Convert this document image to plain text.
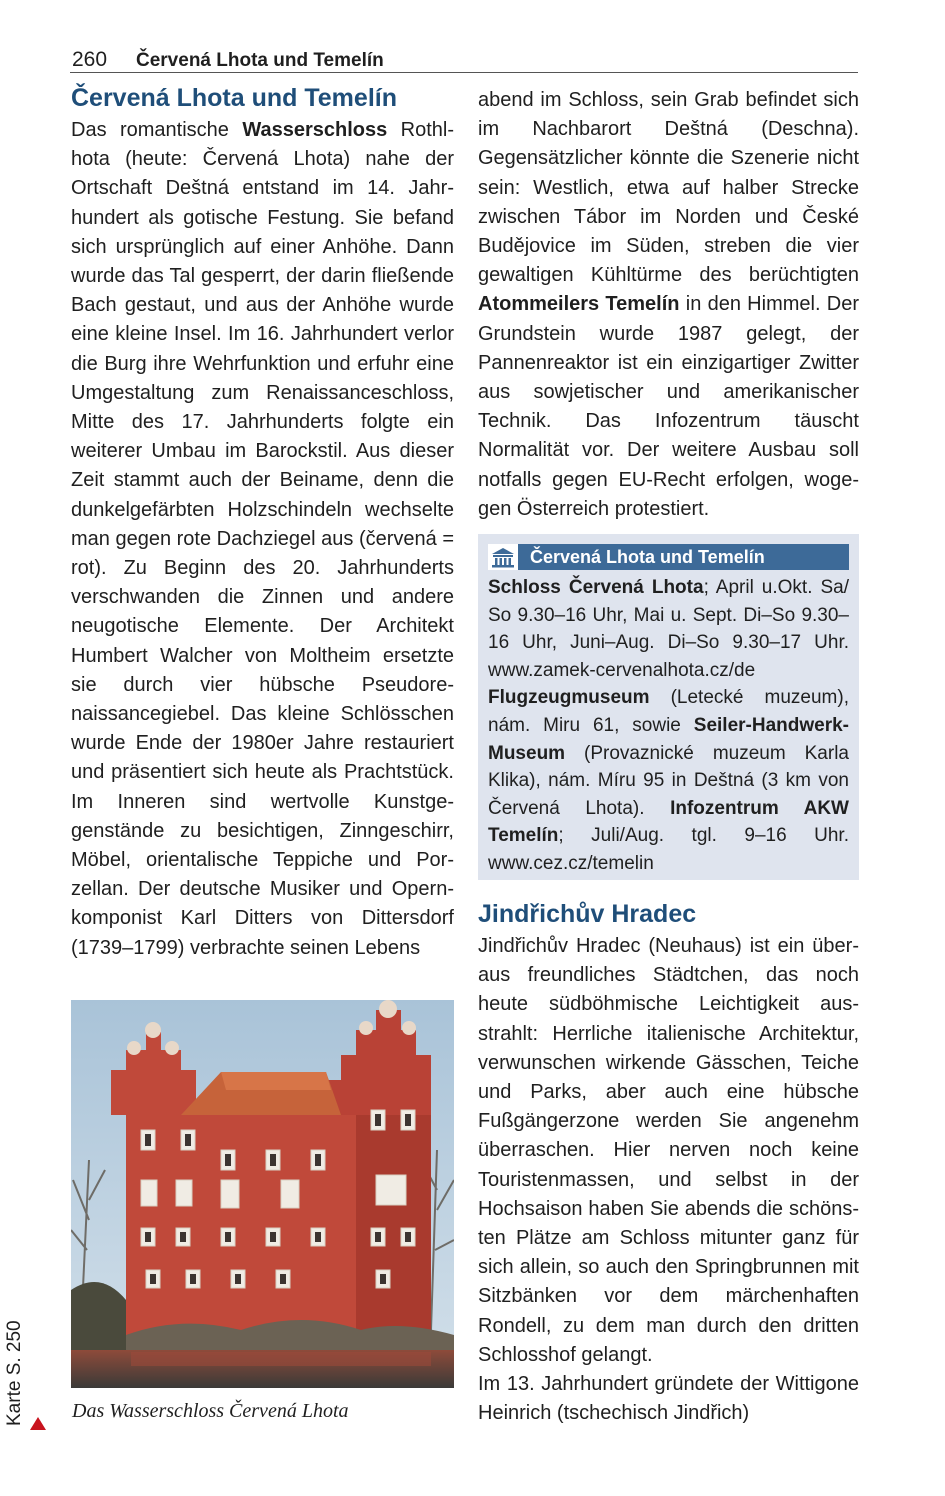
260 Červená Lhota und Temelín
Červená Lhota und Temelín

Das romantische Wasserschloss Rothlhota (heute: Červená Lhota) nahe der Ortschaft Deštná entstand im 14. Jahrhundert als gotische Festung. Sie befand sich ursprünglich auf einer Anhöhe. Dann wurde das Tal gesperrt, der darin fließende Bach gestaut, und aus der Anhöhe wurde eine kleine Insel. Im 16. Jahrhundert verlor die Burg ihre Wehrfunktion und erfuhr eine Umgestaltung zum Renaissanceschloss, Mitte des 17. Jahrhunderts folgte ein weiterer Umbau im Barockstil. Aus dieser Zeit stammt auch der Beiname, denn die dunkelgefärbten Holzschindeln wechselte man gegen rote Dachziegel aus (červená = rot). Zu Beginn des 20. Jahrhunderts verschwanden die Zinnen und andere neugotische Elemente. Der Architekt Humbert Walcher von Moltheim ersetzte sie durch vier hübsche Pseudorenaissancegiebel. Das kleine Schlösschen wurde Ende der 1980er Jahre restauriert und präsentiert sich heute als Prachtstück. Im Inneren sind wertvolle Kunstgegenstände zu besichtigen, Zinngeschirr, Möbel, orientalische Teppiche und Porzellan. Der deutsche Musiker und Opernkomponist Karl Ditters von Dittersdorf (1739–1799) verbrachte seinen Lebens

Das Wasserschloss Červená Lhota
Karte S. 250

abend im Schloss, sein Grab befindet sich im Nachbarort Deštná (Deschna). Gegensätzlicher könnte die Szenerie nicht sein: Westlich, etwa auf halber Strecke zwischen Tábor im Norden und České Budějovice im Süden, streben die vier gewaltigen Kühltürme des berüchtigten Atommeilers Temelín in den Himmel. Der Grundstein wurde 1987 gelegt, der Pannenreaktor ist ein einzigartiger Zwitter aus sowjetischer und amerikanischer Technik. Das Infozentrum täuscht Normalität vor. Der weitere Ausbau soll notfalls gegen EU-Recht erfolgen, wogegen Österreich protestiert.

Červená Lhota und Temelín
Schloss Červená Lhota; April u.Okt. Sa/ So 9.30–16 Uhr, Mai u. Sept. Di–So 9.30–16 Uhr, Juni–Aug. Di–So 9.30–17 Uhr. www.zamek-cervenalhota.cz/de Flugzeugmuseum (Letecké muzeum), nám. Miru 61, sowie Seiler-Handwerk-Museum (Provaznické muzeum Karla Klika), nám. Míru 95 in Deštná (3 km von Červená Lhota). Infozentrum AKW Temelín; Juli/Aug. tgl. 9–16 Uhr. www.cez.cz/temelin
Jindřichův Hradec

Jindřichův Hradec (Neuhaus) ist ein überaus freundliches Städtchen, das noch heute südböhmische Leichtigkeit ausstrahlt: Herrliche italienische Architektur, verwunschen wirkende Gässchen, Teiche und Parks, aber auch eine hübsche Fußgängerzone werden Sie angenehm überraschen. Hier nerven noch keine Touristenmassen, und selbst in der Hochsaison haben Sie abends die schönsten Plätze am Schloss mitunter ganz für sich allein, so auch den Springbrunnen mit Sitzbänken vor dem märchenhaften Rondell, zu dem man durch den dritten Schlosshof gelangt.

Im 13. Jahrhundert gründete der Wittigone Heinrich (tschechisch Jindřich)
